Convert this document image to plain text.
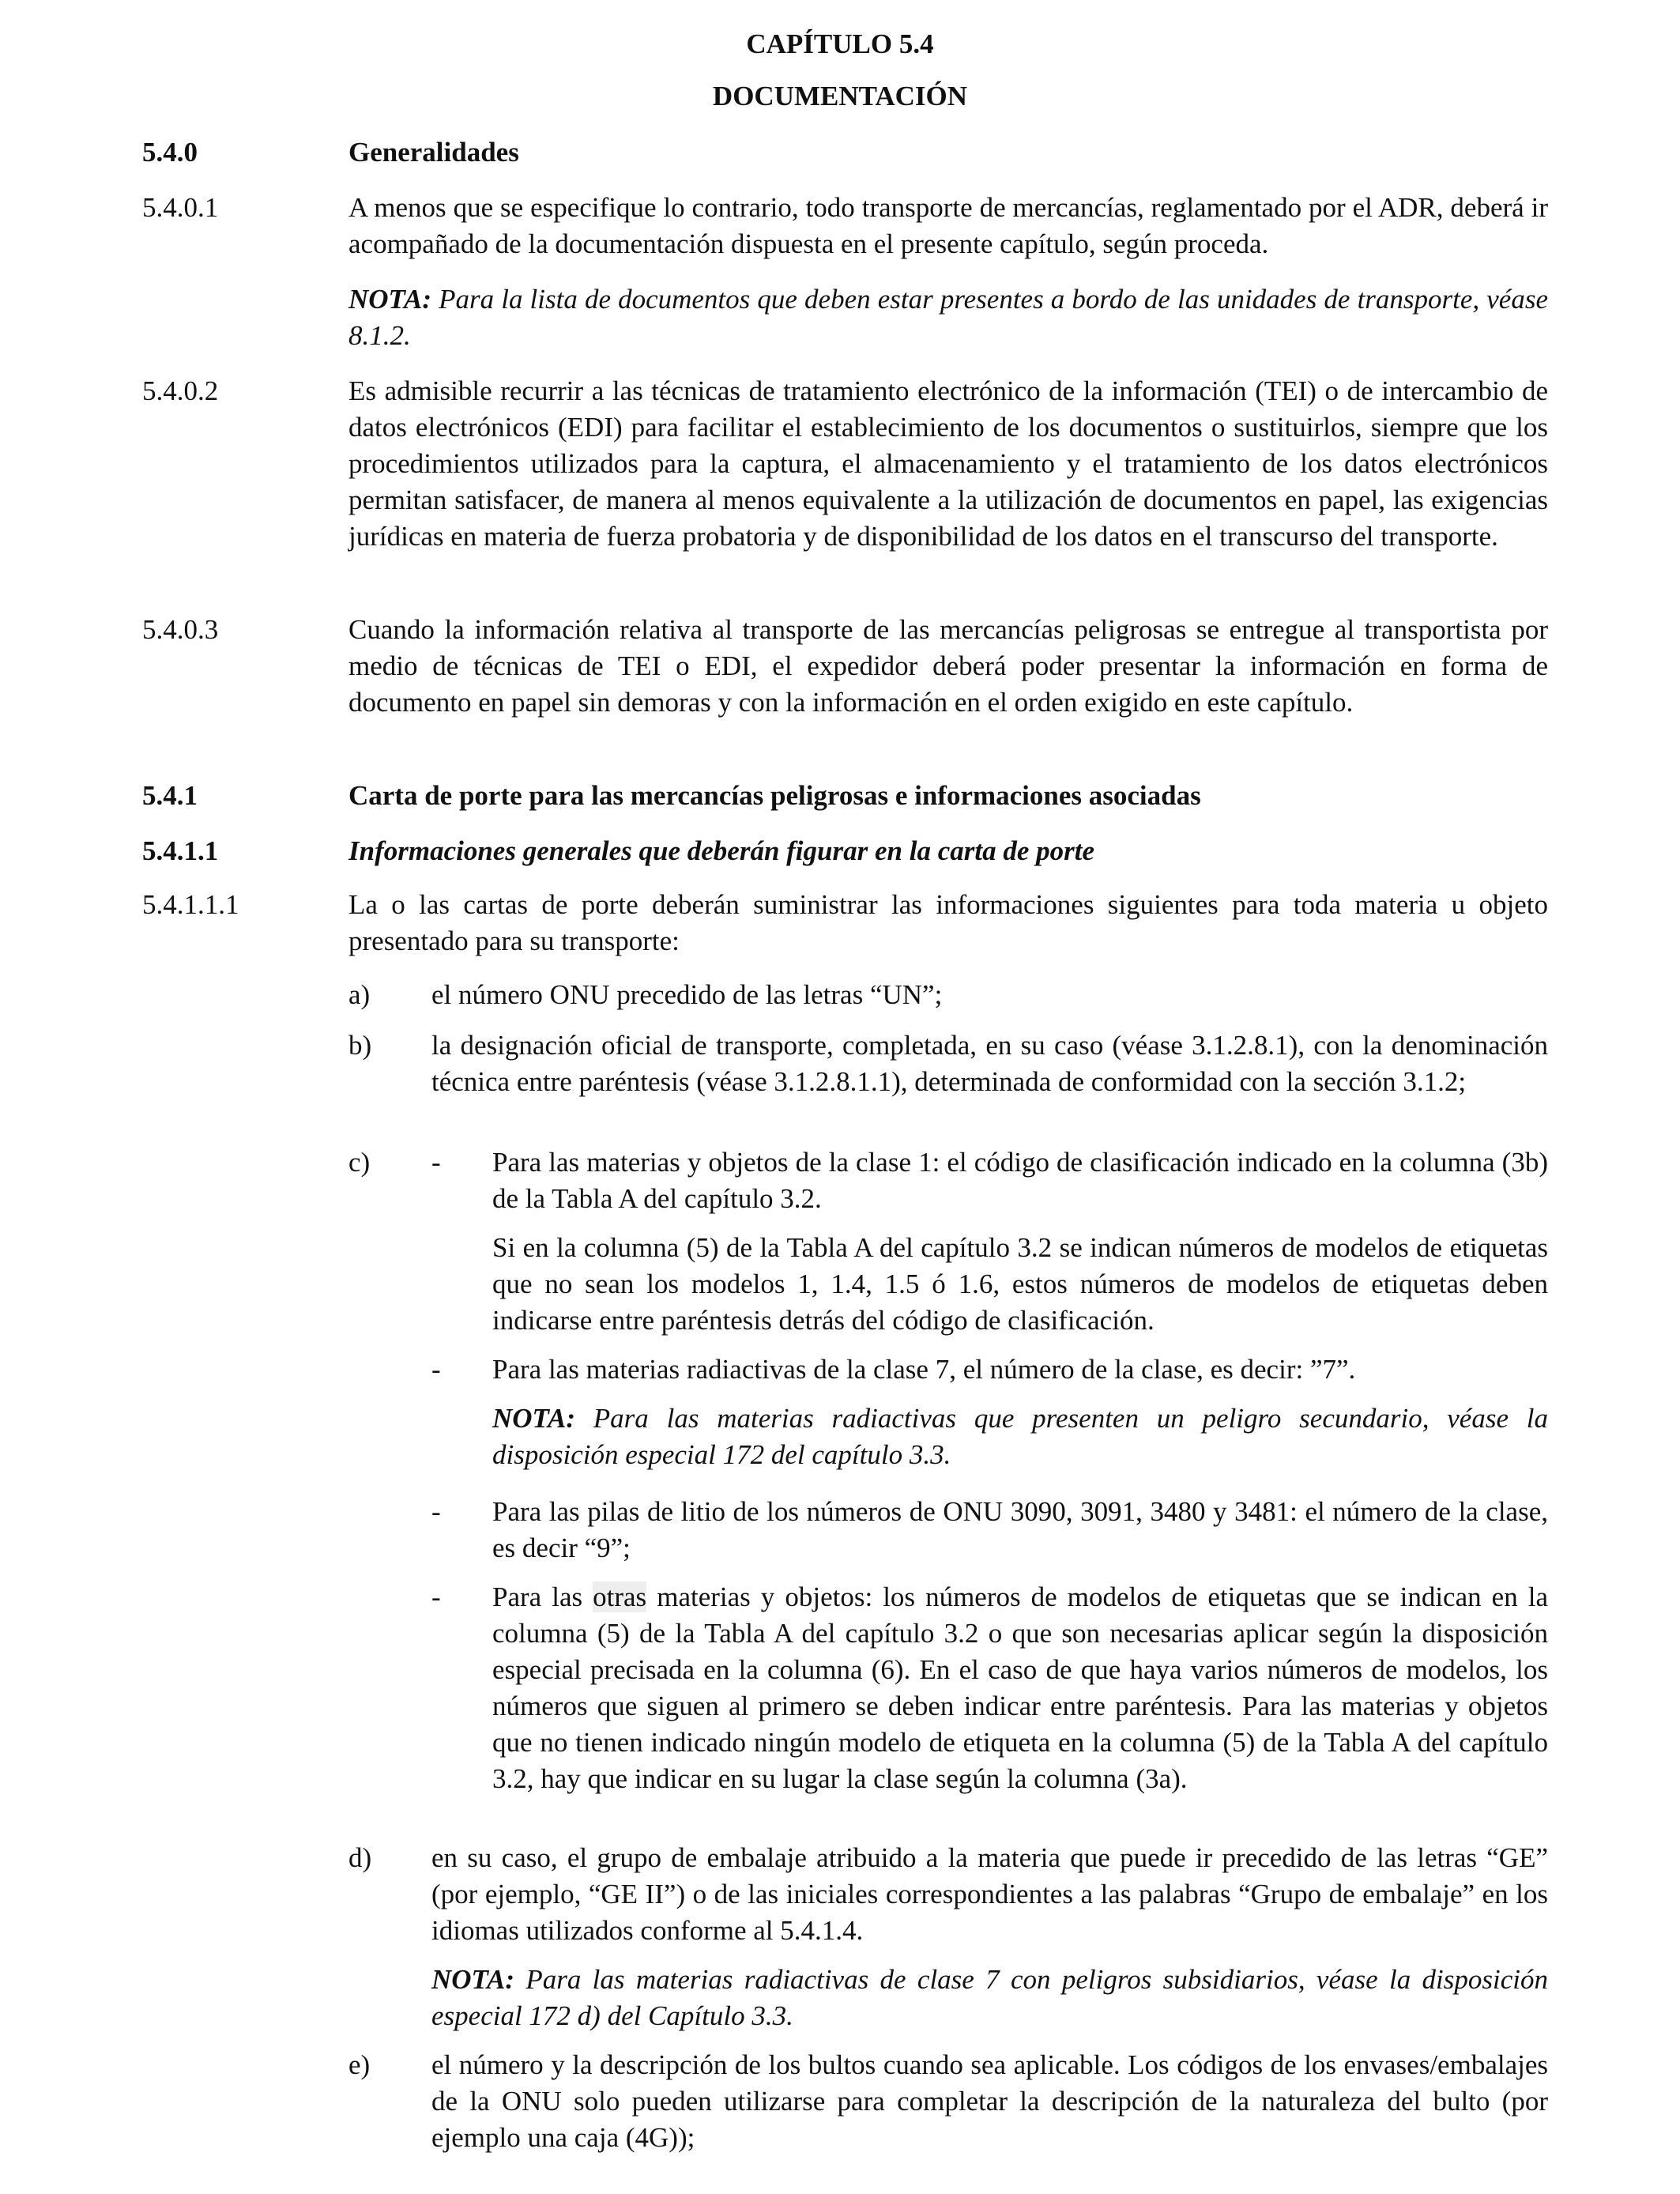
CAPÍTULO 5.4
DOCUMENTACIÓN
5.4.0	Generalidades
5.4.0.1	A menos que se especifique lo contrario, todo transporte de mercancías, reglamentado por el ADR, deberá ir acompañado de la documentación dispuesta en el presente capítulo, según proceda.
NOTA: Para la lista de documentos que deben estar presentes a bordo de las unidades de transporte, véase 8.1.2.
5.4.0.2	Es admisible recurrir a las técnicas de tratamiento electrónico de la información (TEI) o de intercambio de datos electrónicos (EDI) para facilitar el establecimiento de los documentos o sustituirlos, siempre que los procedimientos utilizados para la captura, el almacenamiento y el tratamiento de los datos electrónicos permitan satisfacer, de manera al menos equivalente a la utilización de documentos en papel, las exigencias jurídicas en materia de fuerza probatoria y de disponibilidad de los datos en el transcurso del transporte.
5.4.0.3	Cuando la información relativa al transporte de las mercancías peligrosas se entregue al transportista por medio de técnicas de TEI o EDI, el expedidor deberá poder presentar la información en forma de documento en papel sin demoras y con la información en el orden exigido en este capítulo.
5.4.1	Carta de porte para las mercancías peligrosas e informaciones asociadas
5.4.1.1	Informaciones generales que deberán figurar en la carta de porte
5.4.1.1.1	La o las cartas de porte deberán suministrar las informaciones siguientes para toda materia u objeto presentado para su transporte:
a) el número ONU precedido de las letras “UN”;
b) la designación oficial de transporte, completada, en su caso (véase 3.1.2.8.1), con la denominación técnica entre paréntesis (véase 3.1.2.8.1.1), determinada de conformidad con la sección 3.1.2;
c) - Para las materias y objetos de la clase 1: el código de clasificación indicado en la columna (3b) de la Tabla A del capítulo 3.2.
Si en la columna (5) de la Tabla A del capítulo 3.2 se indican números de modelos de etiquetas que no sean los modelos 1, 1.4, 1.5 ó 1.6, estos números de modelos de etiquetas deben indicarse entre paréntesis detrás del código de clasificación.
- Para las materias radiactivas de la clase 7, el número de la clase, es decir: ”7”.
NOTA: Para las materias radiactivas que presenten un peligro secundario, véase la disposición especial 172 del capítulo 3.3.
- Para las pilas de litio de los números de ONU 3090, 3091, 3480 y 3481: el número de la clase, es decir “9”;
- Para las otras materias y objetos: los números de modelos de etiquetas que se indican en la columna (5) de la Tabla A del capítulo 3.2 o que son necesarias aplicar según la disposición especial precisada en la columna (6). En el caso de que haya varios números de modelos, los números que siguen al primero se deben indicar entre paréntesis. Para las materias y objetos que no tienen indicado ningún modelo de etiqueta en la columna (5) de la Tabla A del capítulo 3.2, hay que indicar en su lugar la clase según la columna (3a).
d) en su caso, el grupo de embalaje atribuido a la materia que puede ir precedido de las letras “GE” (por ejemplo, “GE II”) o de las iniciales correspondientes a las palabras “Grupo de embalaje” en los idiomas utilizados conforme al 5.4.1.4.
NOTA: Para las materias radiactivas de clase 7 con peligros subsidiarios, véase la disposición especial 172 d) del Capítulo 3.3.
e) el número y la descripción de los bultos cuando sea aplicable. Los códigos de los envases/embalajes de la ONU solo pueden utilizarse para completar la descripción de la naturaleza del bulto (por ejemplo una caja (4G));
